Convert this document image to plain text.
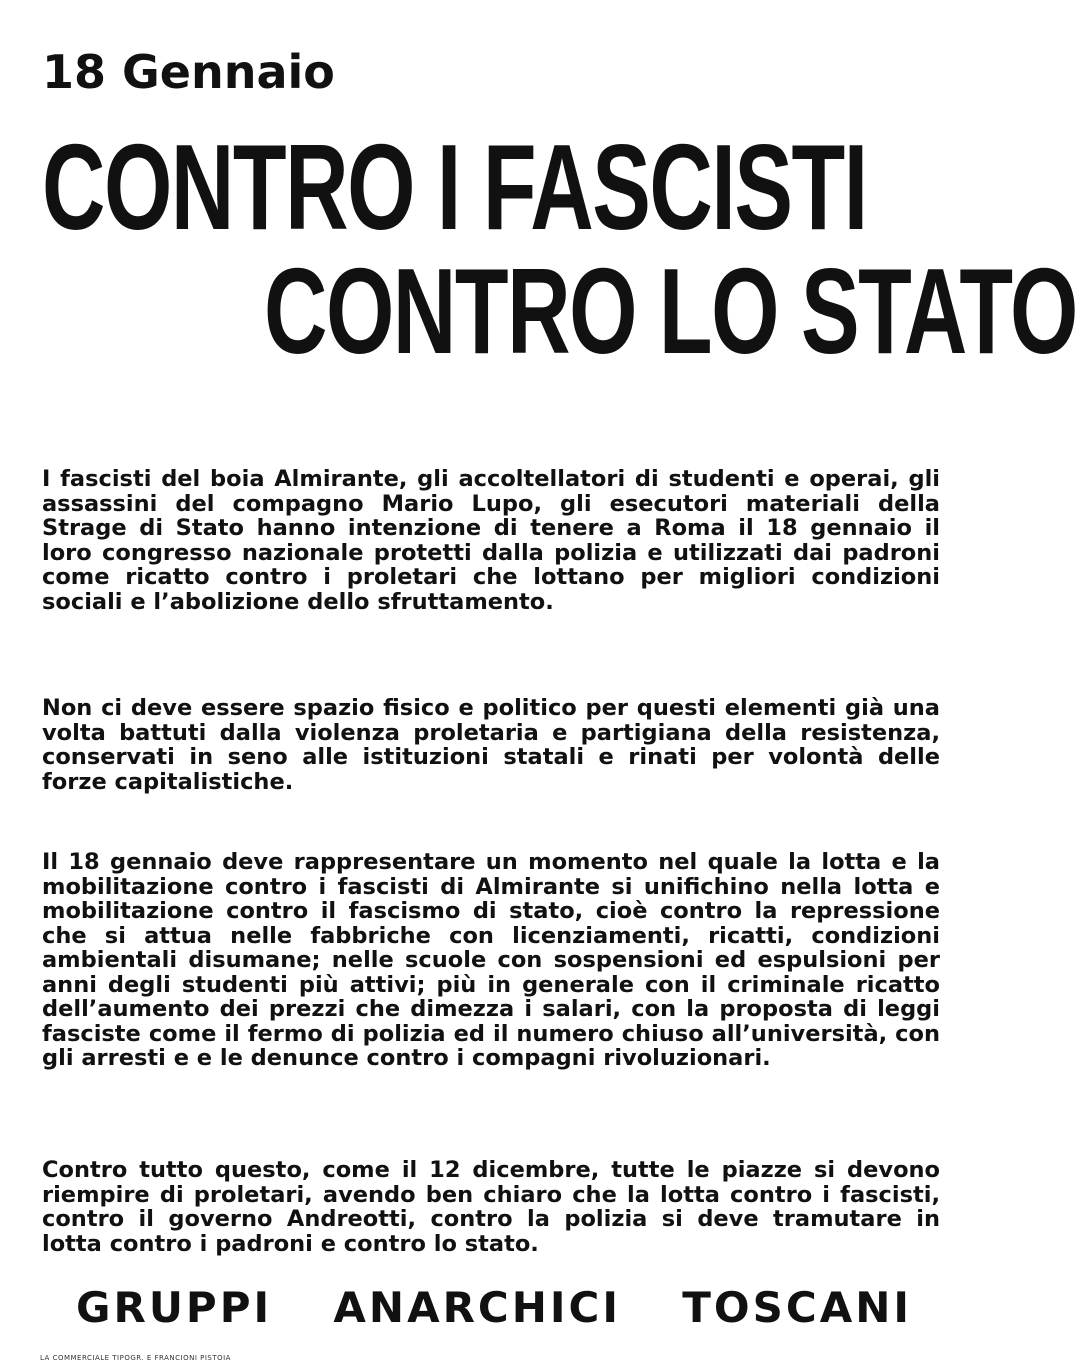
18 Gennaio
CONTRO I FASCISTI
CONTRO LO STATO

I fascisti del boia Almirante, gli accoltellatori di studenti e operai, gli assassini del compagno Mario Lupo, gli esecutori materiali della Strage di Stato hanno intenzione di tenere a Roma il 18 gennaio il loro congresso nazionale protetti dalla polizia e utilizzati dai padroni come ricatto contro i proletari che lottano per migliori condizioni sociali e l’abolizione dello sfruttamento.

Non ci deve essere spazio fisico e politico per questi elementi già una volta battuti dalla violenza proletaria e partigiana della resistenza, conservati in seno alle istituzioni statali e rinati per volontà delle forze capitalistiche.

Il 18 gennaio deve rappresentare un momento nel quale la lotta e la mobilitazione contro i fascisti di Almirante si unifichino nella lotta e mobilitazione contro il fascismo di stato, cioè contro la repressione che si attua nelle fabbriche con licenziamenti, ricatti, condizioni ambientali disumane; nelle scuole con sospensioni ed espulsioni per anni degli studenti più attivi; più in generale con il criminale ricatto dell’aumento dei prezzi che dimezza i salari, con la proposta di leggi fasciste come il fermo di polizia ed il numero chiuso all’università, con gli arresti e e le denunce contro i compagni rivoluzionari.

Contro tutto questo, come il 12 dicembre, tutte le piazze si devono riempire di proletari, avendo ben chiaro che la lotta contro i fascisti, contro il governo Andreotti, contro la polizia si deve tramutare in lotta contro i padroni e contro lo stato.

GRUPPI ANARCHICI TOSCANI
LA COMMERCIALE TIPOGR. E FRANCIONI PISTOIA
